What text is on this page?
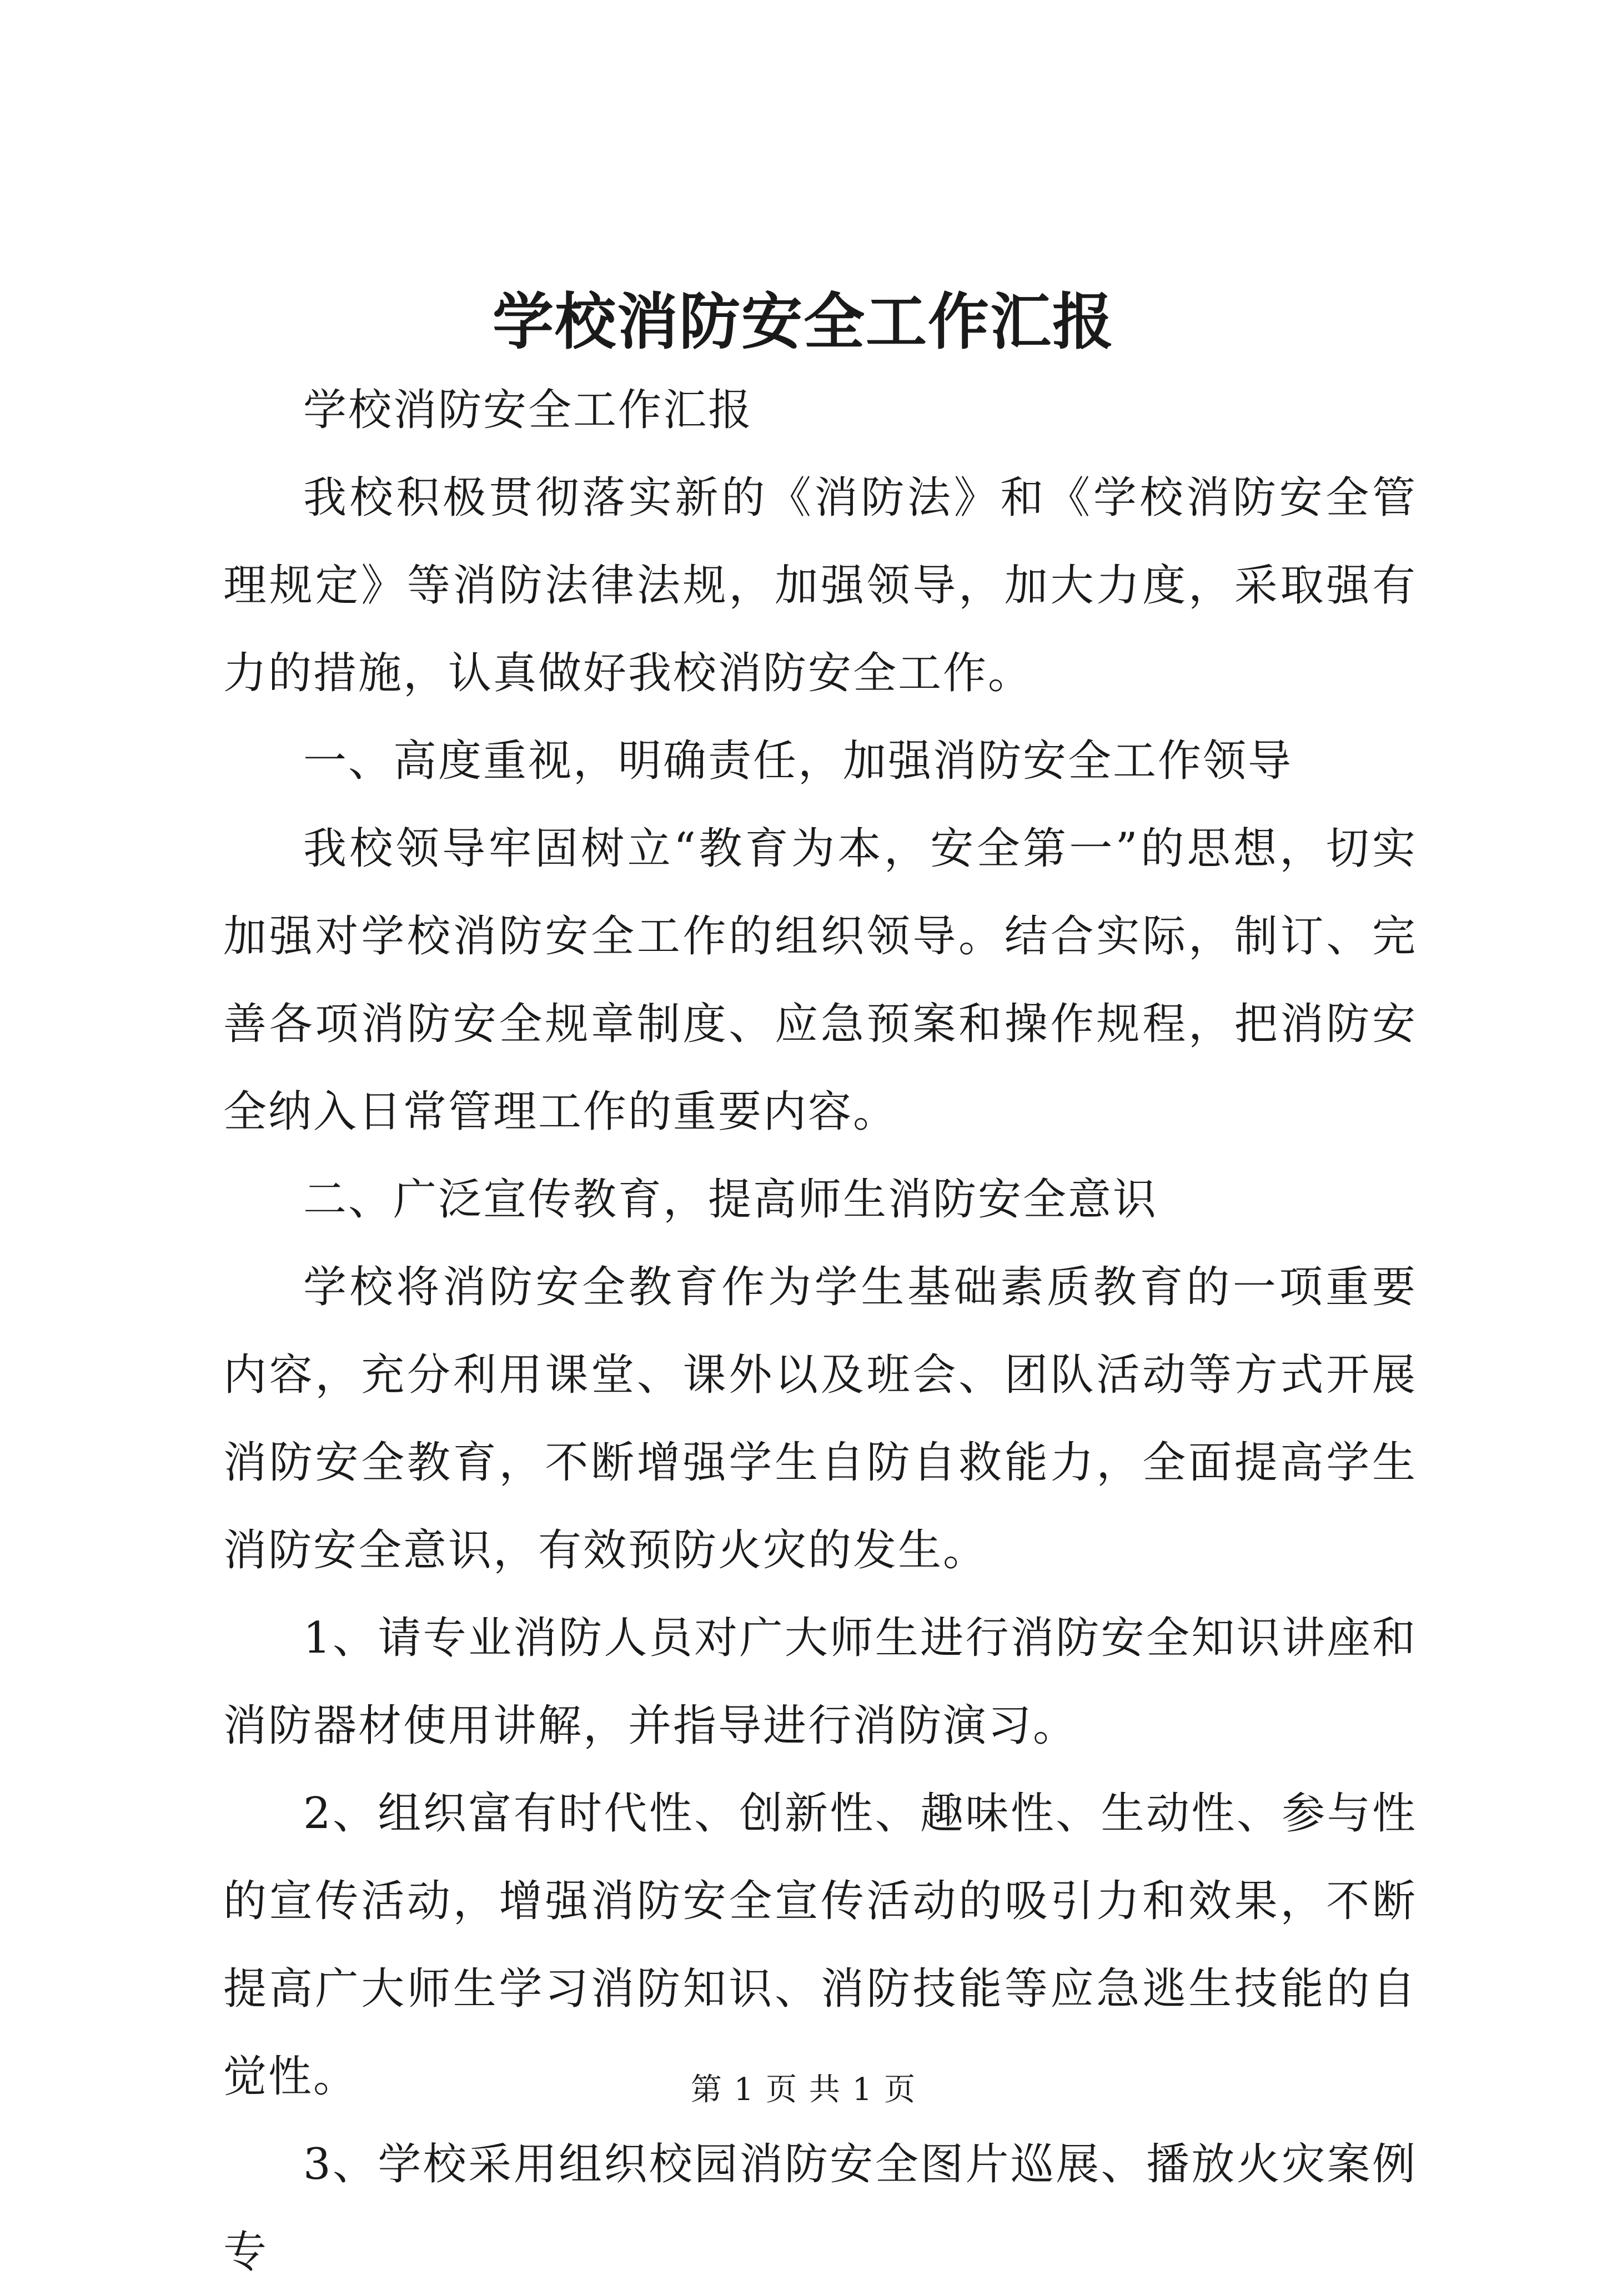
学校消防安全工作汇报

学校消防安全工作汇报

我校积极贯彻落实新的《消防法》和《学校消防安全管理规定》等消防法律法规，加强领导，加大力度，采取强有力的措施，认真做好我校消防安全工作。

一、高度重视，明确责任，加强消防安全工作领导

我校领导牢固树立“教育为本，安全第一”的思想，切实加强对学校消防安全工作的组织领导。结合实际，制订、完善各项消防安全规章制度、应急预案和操作规程，把消防安全纳入日常管理工作的重要内容。

二、广泛宣传教育，提高师生消防安全意识

学校将消防安全教育作为学生基础素质教育的一项重要内容，充分利用课堂、课外以及班会、团队活动等方式开展消防安全教育，不断增强学生自防自救能力，全面提高学生消防安全意识，有效预防火灾的发生。

1、请专业消防人员对广大师生进行消防安全知识讲座和消防器材使用讲解，并指导进行消防演习。

2、组织富有时代性、创新性、趣味性、生动性、参与性的宣传活动，增强消防安全宣传活动的吸引力和效果，不断提高广大师生学习消防知识、消防技能等应急逃生技能的自觉性。

3、学校采用组织校园消防安全图片巡展、播放火灾案例专

第 1 页 共 1 页
